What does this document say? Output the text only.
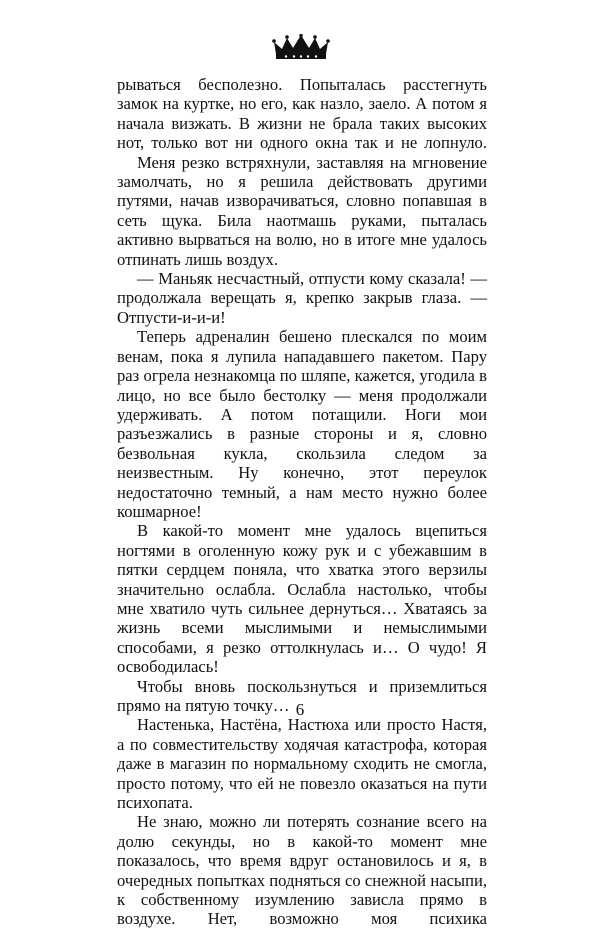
рываться бесполезно. Попыталась расстегнуть замок на куртке, но его, как назло, заело. А потом я начала визжать. В жизни не брала таких высоких нот, только вот ни одного окна так и не лопнуло.

Меня резко встряхнули, заставляя на мгновение замолчать, но я решила действовать другими путями, начав изворачиваться, словно попавшая в сеть щука. Била наотмашь руками, пыталась активно вырваться на волю, но в итоге мне удалось отпинать лишь воздух.

— Маньяк несчастный, отпусти кому сказала! — продолжала верещать я, крепко закрыв глаза. — Отпусти-и-и-и!

Теперь адреналин бешено плескался по моим венам, пока я лупила нападавшего пакетом. Пару раз огрела незнакомца по шляпе, кажется, угодила в лицо, но все было бестолку — меня продолжали удерживать. А потом потащили. Ноги мои разъезжались в разные стороны и я, словно безвольная кукла, скользила следом за неизвестным. Ну конечно, этот переулок недостаточно темный, а нам место нужно более кошмарное!

В какой-то момент мне удалось вцепиться ногтями в оголенную кожу рук и с убежавшим в пятки сердцем поняла, что хватка этого верзилы значительно ослабла. Ослабла настолько, чтобы мне хватило чуть сильнее дернуться… Хватаясь за жизнь всеми мыслимыми и немыслимыми способами, я резко оттолкнулась и… О чудо! Я освободилась!

Чтобы вновь поскользнуться и приземлиться прямо на пятую точку…

Настенька, Настёна, Настюха или просто Настя, а по совместительству ходячая катастрофа, которая даже в магазин по нормальному сходить не смогла, просто потому, что ей не повезло оказаться на пути психопата.

Не знаю, можно ли потерять сознание всего на долю секунды, но в какой-то момент мне показалось, что время вдруг остановилось и я, в очередных попытках подняться со снежной насыпи, к собственному изумлению зависла прямо в воздухе. Нет, возможно моя психика

6
